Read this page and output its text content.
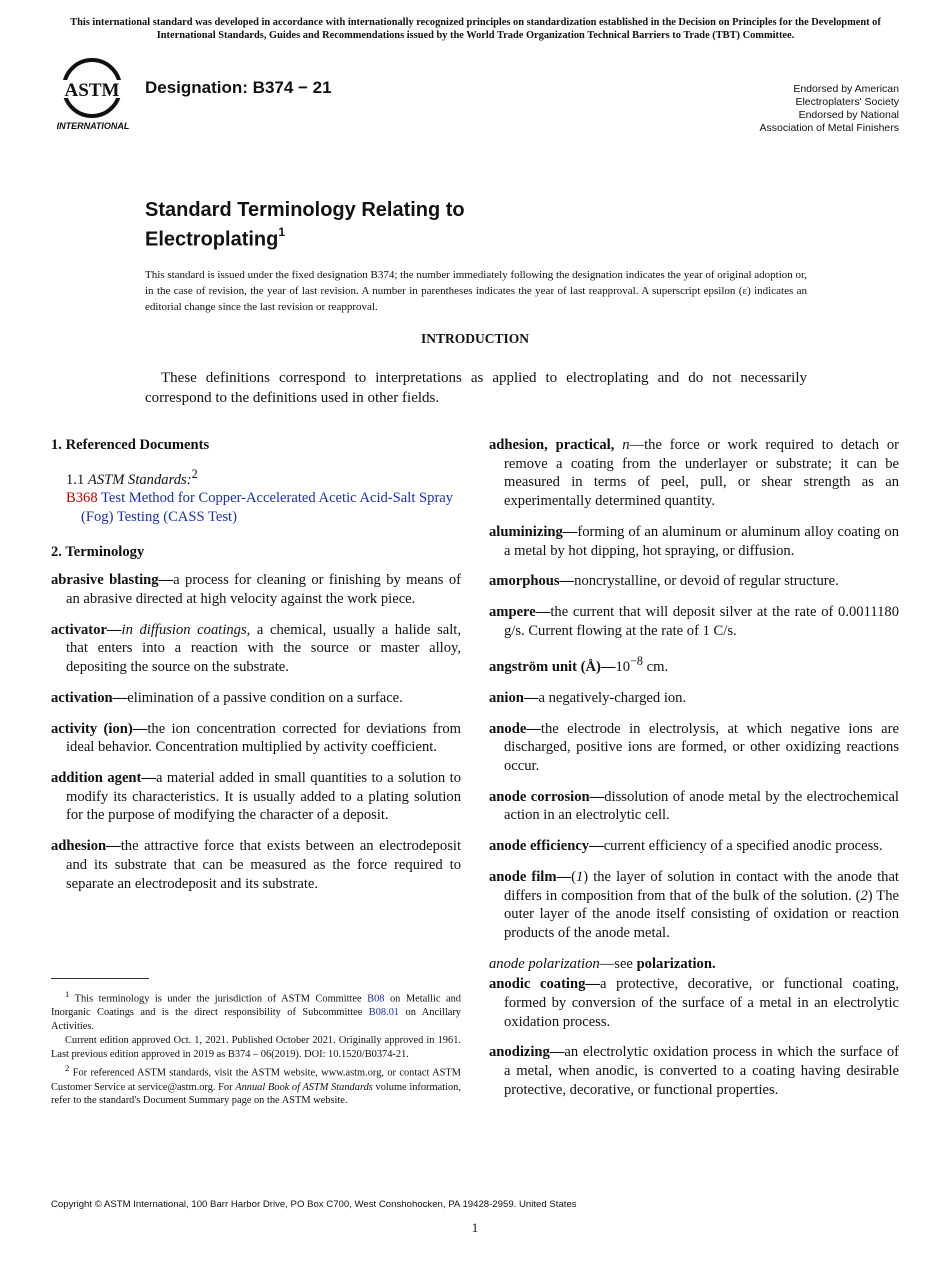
This international standard was developed in accordance with internationally recognized principles on standardization established in the Decision on Principles for the Development of International Standards, Guides and Recommendations issued by the World Trade Organization Technical Barriers to Trade (TBT) Committee.
ASTM
INTERNATIONAL
Designation: B374 − 21	Endorsed by American
Electroplaters' Society
Endorsed by National
Association of Metal Finishers
Standard Terminology Relating to
Electroplating$^1$
This standard is issued under the fixed designation B374; the number immediately following the designation indicates the year of original adoption or, in the case of revision, the year of last revision. A number in parentheses indicates the year of last reapproval. A superscript epsilon (ε) indicates an editorial change since the last revision or reapproval.
INTRODUCTION
These definitions correspond to interpretations as applied to electroplating and do not necessarily correspond to the definitions used in other fields.

1. Referenced Documents

1.1 ASTM Standards:$^2$

B368 Test Method for Copper-Accelerated Acetic Acid-Salt Spray (Fog) Testing (CASS Test)

2. Terminology

abrasive blasting—a process for cleaning or finishing by means of an abrasive directed at high velocity against the work piece.

activator—in diffusion coatings, a chemical, usually a halide salt, that enters into a reaction with the source or master alloy, depositing the source on the substrate.

activation—elimination of a passive condition on a surface.

activity (ion)—the ion concentration corrected for deviations from ideal behavior. Concentration multiplied by activity coefficient.

addition agent—a material added in small quantities to a solution to modify its characteristics. It is usually added to a plating solution for the purpose of modifying the character of a deposit.

adhesion—the attractive force that exists between an electrodeposit and its substrate that can be measured as the force required to separate an electrodeposit and its substrate.

adhesion, practical, n—the force or work required to detach or remove a coating from the underlayer or substrate; it can be measured in terms of peel, pull, or shear strength as an experimentally determined quantity.

aluminizing—forming of an aluminum or aluminum alloy coating on a metal by hot dipping, hot spraying, or diffusion.

amorphous—noncrystalline, or devoid of regular structure.

ampere—the current that will deposit silver at the rate of 0.0011180 g/s. Current flowing at the rate of 1 C/s.

angström unit $(Å)—10^{-8}$ cm.

anion—a negatively-charged ion.

anode—the electrode in electrolysis, at which negative ions are discharged, positive ions are formed, or other oxidizing reactions occur.

anode corrosion—dissolution of anode metal by the electrochemical action in an electrolytic cell.

anode efficiency—current efficiency of a specified anodic process.

anode film—(1) the layer of solution in contact with the anode that differs in composition from that of the bulk of the solution. (2) The outer layer of the anode itself consisting of oxidation or reaction products of the anode metal.

anode polarization—see polarization.

anodic coating—a protective, decorative, or functional coating, formed by conversion of the surface of a metal in an electrolytic oxidation process.

anodizing—an electrolytic oxidation process in which the surface of a metal, when anodic, is converted to a coating having desirable protective, decorative, or functional properties.

$^1$ This terminology is under the jurisdiction of ASTM Committee B08 on Metallic and Inorganic Coatings and is the direct responsibility of Subcommittee B08.01 on Ancillary Activities.

Current edition approved Oct. 1, 2021. Published October 2021. Originally approved in 1961. Last previous edition approved in 2019 as B374 – 06(2019). DOI: 10.1520/B0374-21.

$^2$ For referenced ASTM standards, visit the ASTM website, www.astm.org, or contact ASTM Customer Service at service@astm.org. For Annual Book of ASTM Standards volume information, refer to the standard's Document Summary page on the ASTM website.

Copyright © ASTM International, 100 Barr Harbor Drive, PO Box C700, West Conshohocken, PA 19428-2959. United States
1
